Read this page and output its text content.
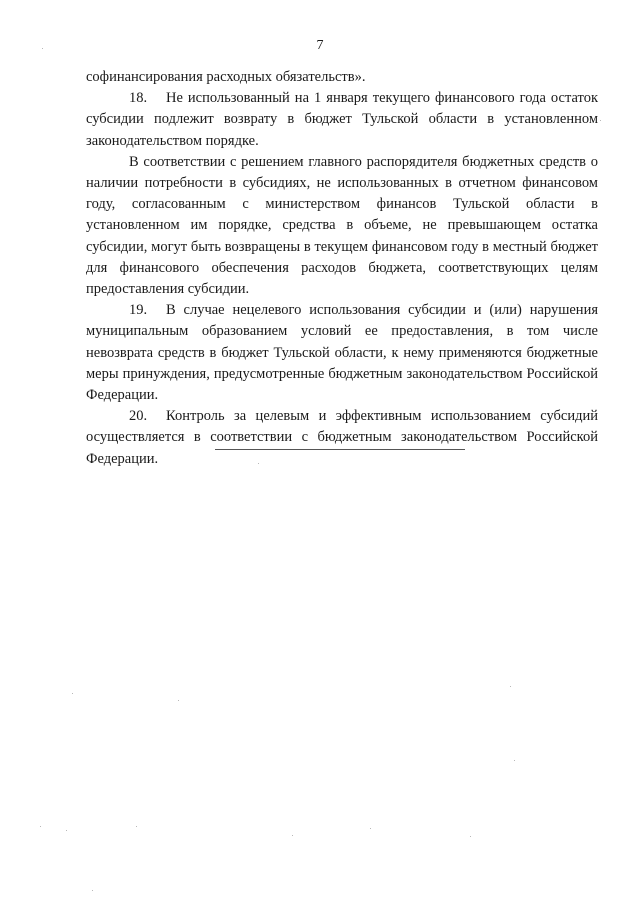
7

софинансирования расходных обязательств».

18. Не использованный на 1 января текущего финансового года остаток субсидии подлежит возврату в бюджет Тульской области в установленном законодательством порядке.

В соответствии с решением главного распорядителя бюджетных средств о наличии потребности в субсидиях, не использованных в отчетном финансовом году, согласованным с министерством финансов Тульской области в установленном им порядке, средства в объеме, не превышающем остатка субсидии, могут быть возвращены в текущем финансовом году в местный бюджет для финансового обеспечения расходов бюджета, соответствующих целям предоставления субсидии.

19. В случае нецелевого использования субсидии и (или) нарушения муниципальным образованием условий ее предоставления, в том числе невозврата средств в бюджет Тульской области, к нему применяются бюджетные меры принуждения, предусмотренные бюджетным законодательством Российской Федерации.

20. Контроль за целевым и эффективным использованием субсидий осуществляется в соответствии с бюджетным законодательством Российской Федерации.
